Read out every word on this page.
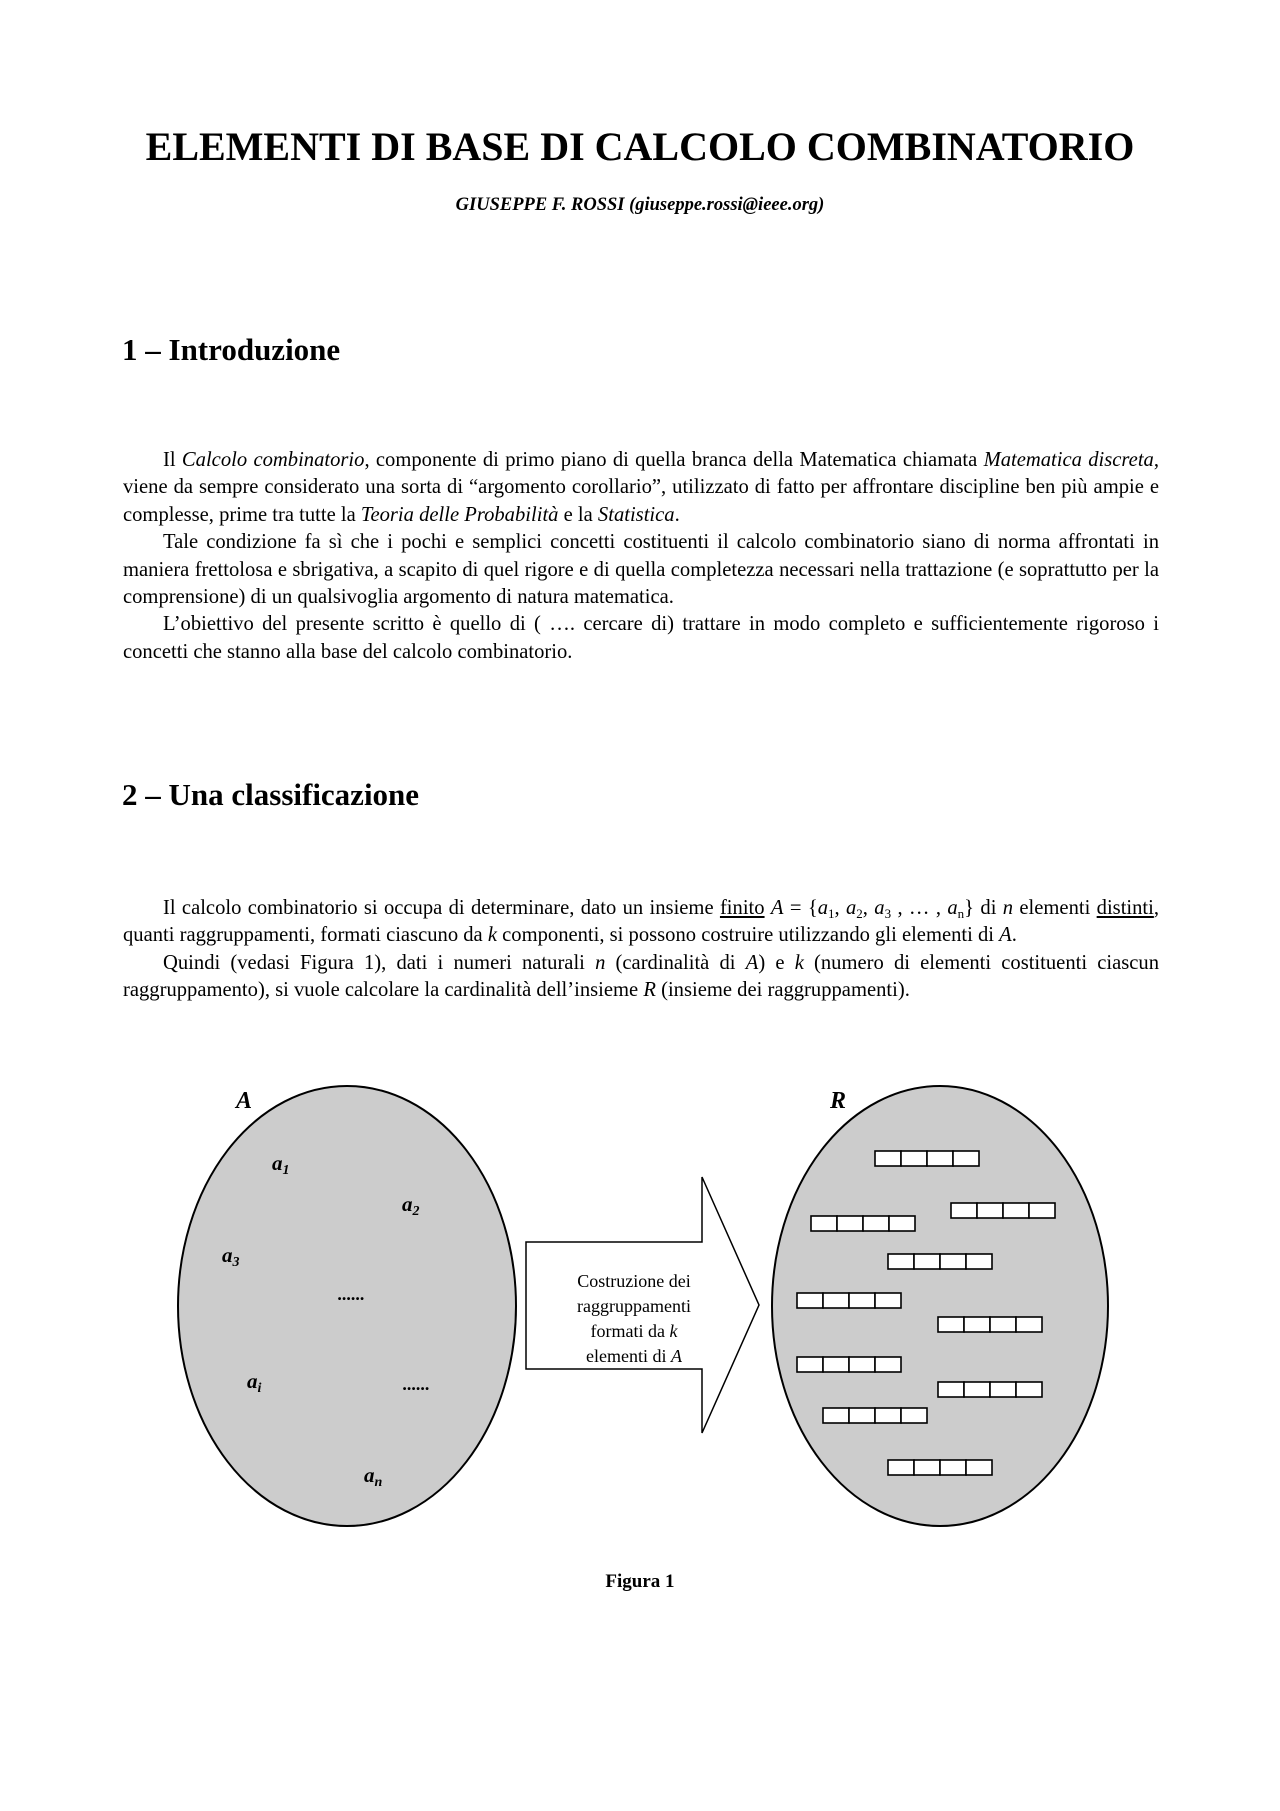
ELEMENTI DI BASE DI CALCOLO COMBINATORIO
GIUSEPPE F. ROSSI (giuseppe.rossi@ieee.org)
1 – Introduzione

Il Calcolo combinatorio, componente di primo piano di quella branca della Matematica chiamata Matematica discreta, viene da sempre considerato una sorta di “argomento corollario”, utilizzato di fatto per affrontare discipline ben più ampie e complesse, prime tra tutte la Teoria delle Probabilità e la Statistica.

Tale condizione fa sì che i pochi e semplici concetti costituenti il calcolo combinatorio siano di norma affrontati in maniera frettolosa e sbrigativa, a scapito di quel rigore e di quella completezza necessari nella trattazione (e soprattutto per la comprensione) di un qualsivoglia argomento di natura matematica.

L’obiettivo del presente scritto è quello di ( …. cercare di) trattare in modo completo e sufficientemente rigoroso i concetti che stanno alla base del calcolo combinatorio.

2 – Una classificazione

Il calcolo combinatorio si occupa di determinare, dato un insieme finito $A = \{a_1$, $a_2$, $a_3$ , … , $a_n$} di n elementi distinti, quanti raggruppamenti, formati ciascuno da k componenti, si possono costruire utilizzando gli elementi di A.

Quindi (vedasi Figura 1), dati i numeri naturali n (cardinalità di A) e k (numero di elementi costituenti ciascun raggruppamento), si vuole calcolare la cardinalità dell’insieme R (insieme dei raggruppamenti).

A
a1
a2
a3
......
ai	......
an
Costruzione dei
raggruppamenti
formati da k
elementi di A
R
Figura 1
